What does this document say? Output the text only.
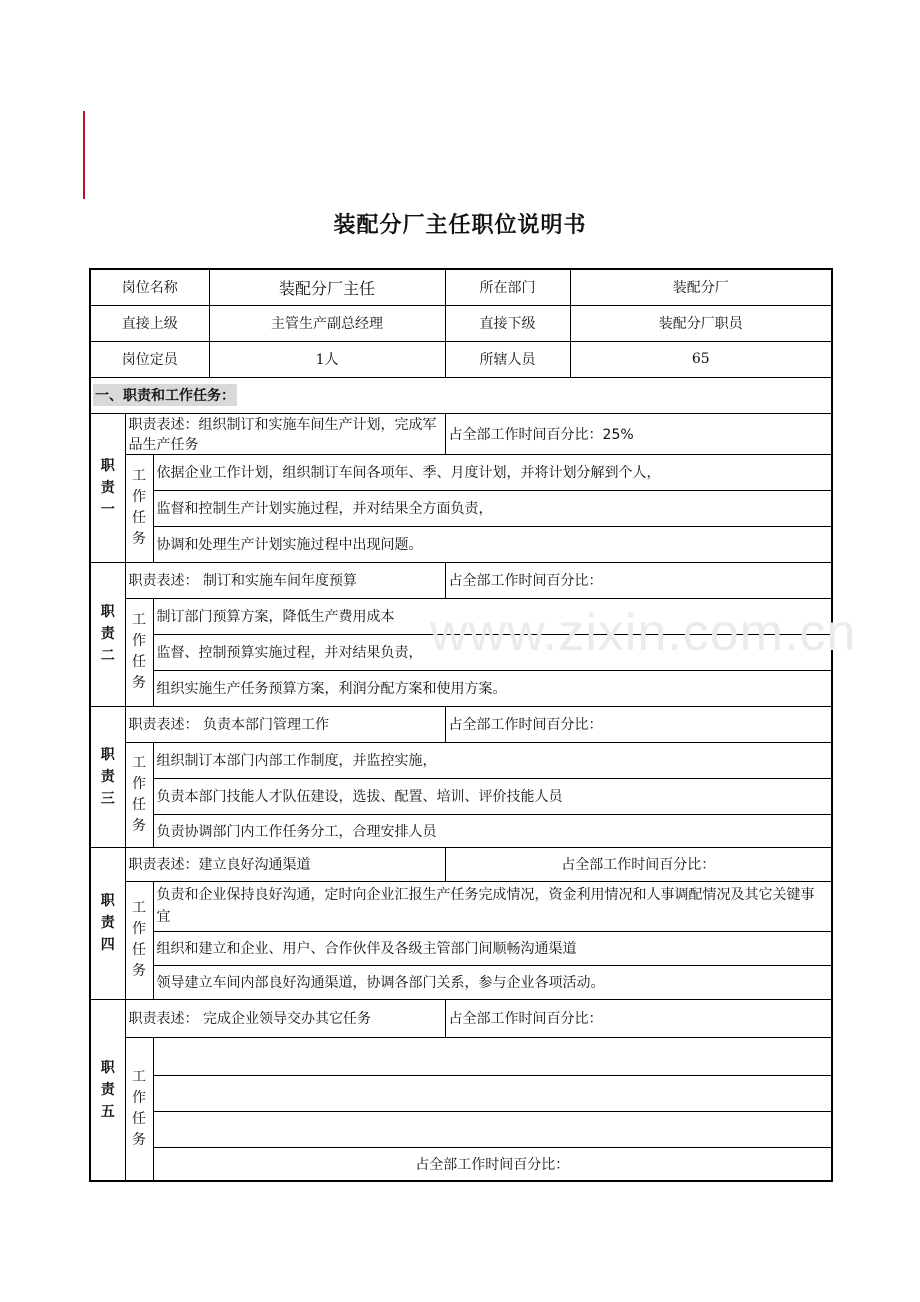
装配分厂主任职位说明书
岗位名称			装配分厂主任	所在部门	装配分厂
直接上级			主管生产副总经理	直接下级	装配分厂职员
岗位定员			1人	所辖人员	65
一、职责和工作任务：					
职
责
一	职责表述：组织制订和实施车间生产计划，完成军品生产任务			占全部工作时间百分比：25%	
	工
作
任
务	依据企业工作计划，组织制订车间各项年、季、月度计划，并将计划分解到个人，			
		监督和控制生产计划实施过程，并对结果全方面负责，			
		协调和处理生产计划实施过程中出现问题。			
职
责
二	职责表述： 制订和实施车间年度预算			占全部工作时间百分比：	
	工
作
任
务	制订部门预算方案，降低生产费用成本			
		监督、控制预算实施过程，并对结果负责，			
		组织实施生产任务预算方案，利润分配方案和使用方案。			
职
责
三	职责表述： 负责本部门管理工作			占全部工作时间百分比：	
	工
作
任
务	组织制订本部门内部工作制度，并监控实施，			
		负责本部门技能人才队伍建设，选拔、配置、培训、评价技能人员			
		负责协调部门内工作任务分工，合理安排人员			
职
责
四	职责表述：建立良好沟通渠道			占全部工作时间百分比：	
	工
作
任
务	负责和企业保持良好沟通，定时向企业汇报生产任务完成情况，资金利用情况和人事调配情况及其它关键事宜			
		组织和建立和企业、用户、合作伙伴及各级主管部门间顺畅沟通渠道			
		领导建立车间内部良好沟通渠道，协调各部门关系，参与企业各项活动。			
职
责
五	职责表述： 完成企业领导交办其它任务			占全部工作时间百分比：	
	工
作
任
务				

		占全部工作时间百分比：			
www.zixin.com.cn
